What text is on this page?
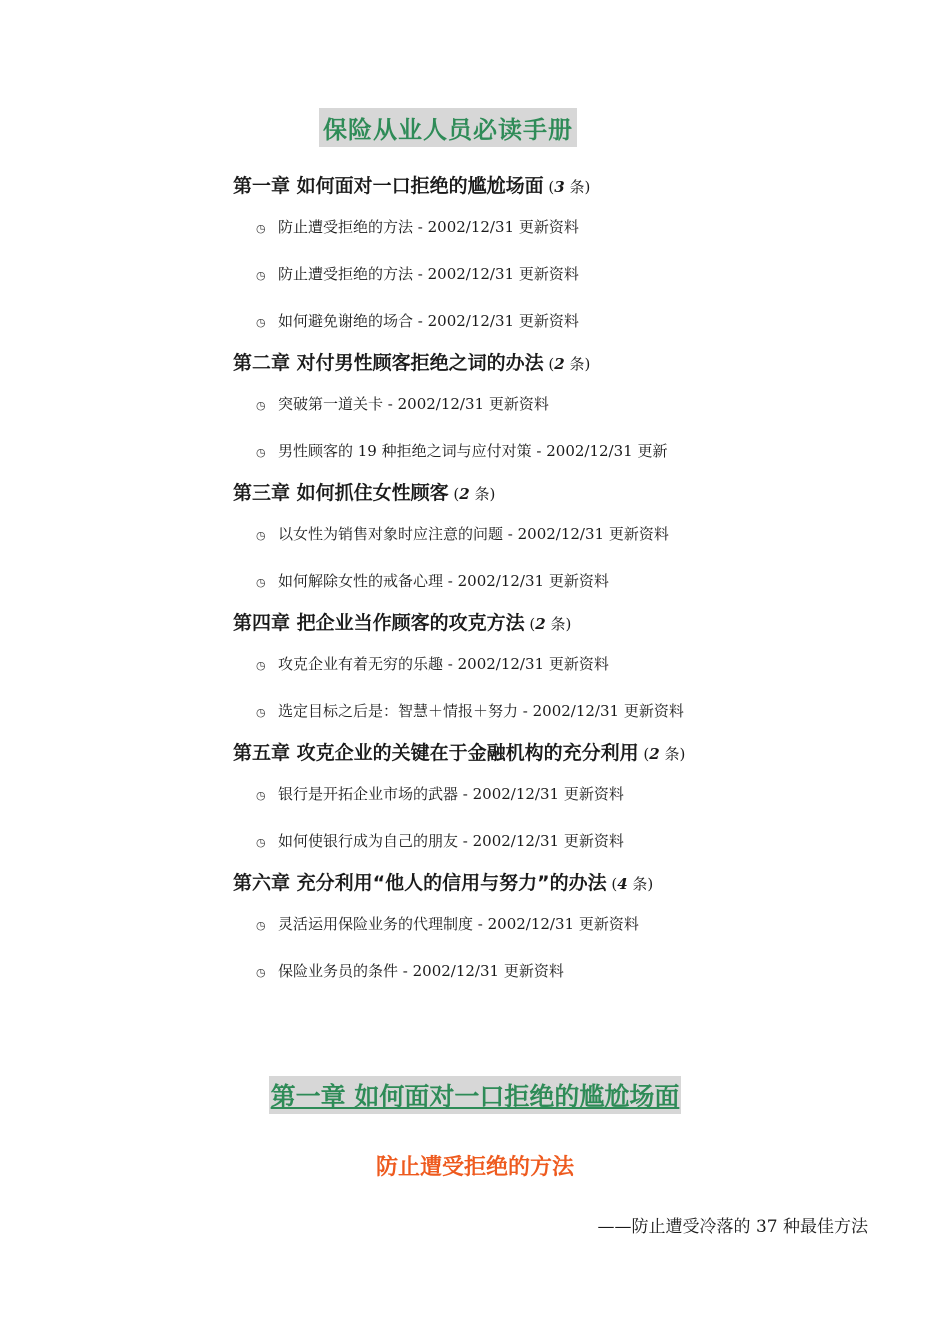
保险从业人员必读手册
第一章 如何面对一口拒绝的尴尬场面 (3 条)
◷ 防止遭受拒绝的方法 - 2002/12/31 更新资料
◷ 防止遭受拒绝的方法 - 2002/12/31 更新资料
◷ 如何避免谢绝的场合 - 2002/12/31 更新资料
第二章 对付男性顾客拒绝之词的办法 (2 条)
◷ 突破第一道关卡 - 2002/12/31 更新资料
◷ 男性顾客的 19 种拒绝之词与应付对策 - 2002/12/31 更新
第三章 如何抓住女性顾客 (2 条)
◷ 以女性为销售对象时应注意的问题 - 2002/12/31 更新资料
◷ 如何解除女性的戒备心理 - 2002/12/31 更新资料
第四章 把企业当作顾客的攻克方法 (2 条)
◷ 攻克企业有着无穷的乐趣 - 2002/12/31 更新资料
◷ 选定目标之后是：智慧＋情报＋努力 - 2002/12/31 更新资料
第五章 攻克企业的关键在于金融机构的充分利用 (2 条)
◷ 银行是开拓企业市场的武器 - 2002/12/31 更新资料
◷ 如何使银行成为自己的朋友 - 2002/12/31 更新资料
第六章 充分利用“他人的信用与努力”的办法 (4 条)
◷ 灵活运用保险业务的代理制度 - 2002/12/31 更新资料
◷ 保险业务员的条件 - 2002/12/31 更新资料
第一章 如何面对一口拒绝的尴尬场面
防止遭受拒绝的方法
——防止遭受冷落的 37 种最佳方法
